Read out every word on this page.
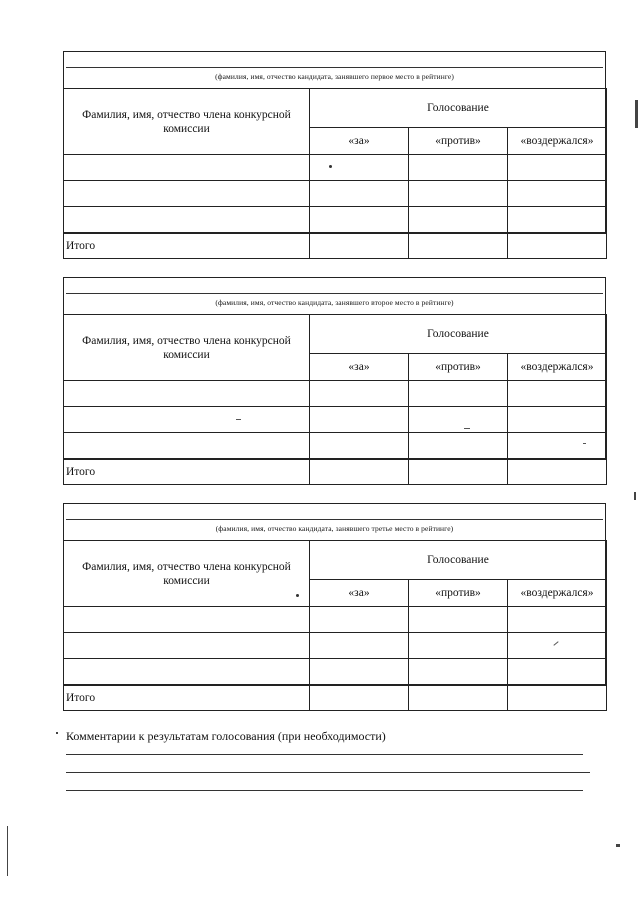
(фамилия, имя, отчество кандидата, занявшего первое место в рейтинге)
Фамилия, имя, отчество члена конкурсной комиссии	Голосование		
	«за»	«против»	«воздержался»

Итого			
(фамилия, имя, отчество кандидата, занявшего второе место в рейтинге)
Фамилия, имя, отчество члена конкурсной комиссии	Голосование		
	«за»	«против»	«воздержался»

Итого			
(фамилия, имя, отчество кандидата, занявшего третье место в рейтинге)
Фамилия, имя, отчество члена конкурсной комиссии	Голосование		
	«за»	«против»	«воздержался»

Итого			
Комментарии к результатам голосования (при необходимости)
